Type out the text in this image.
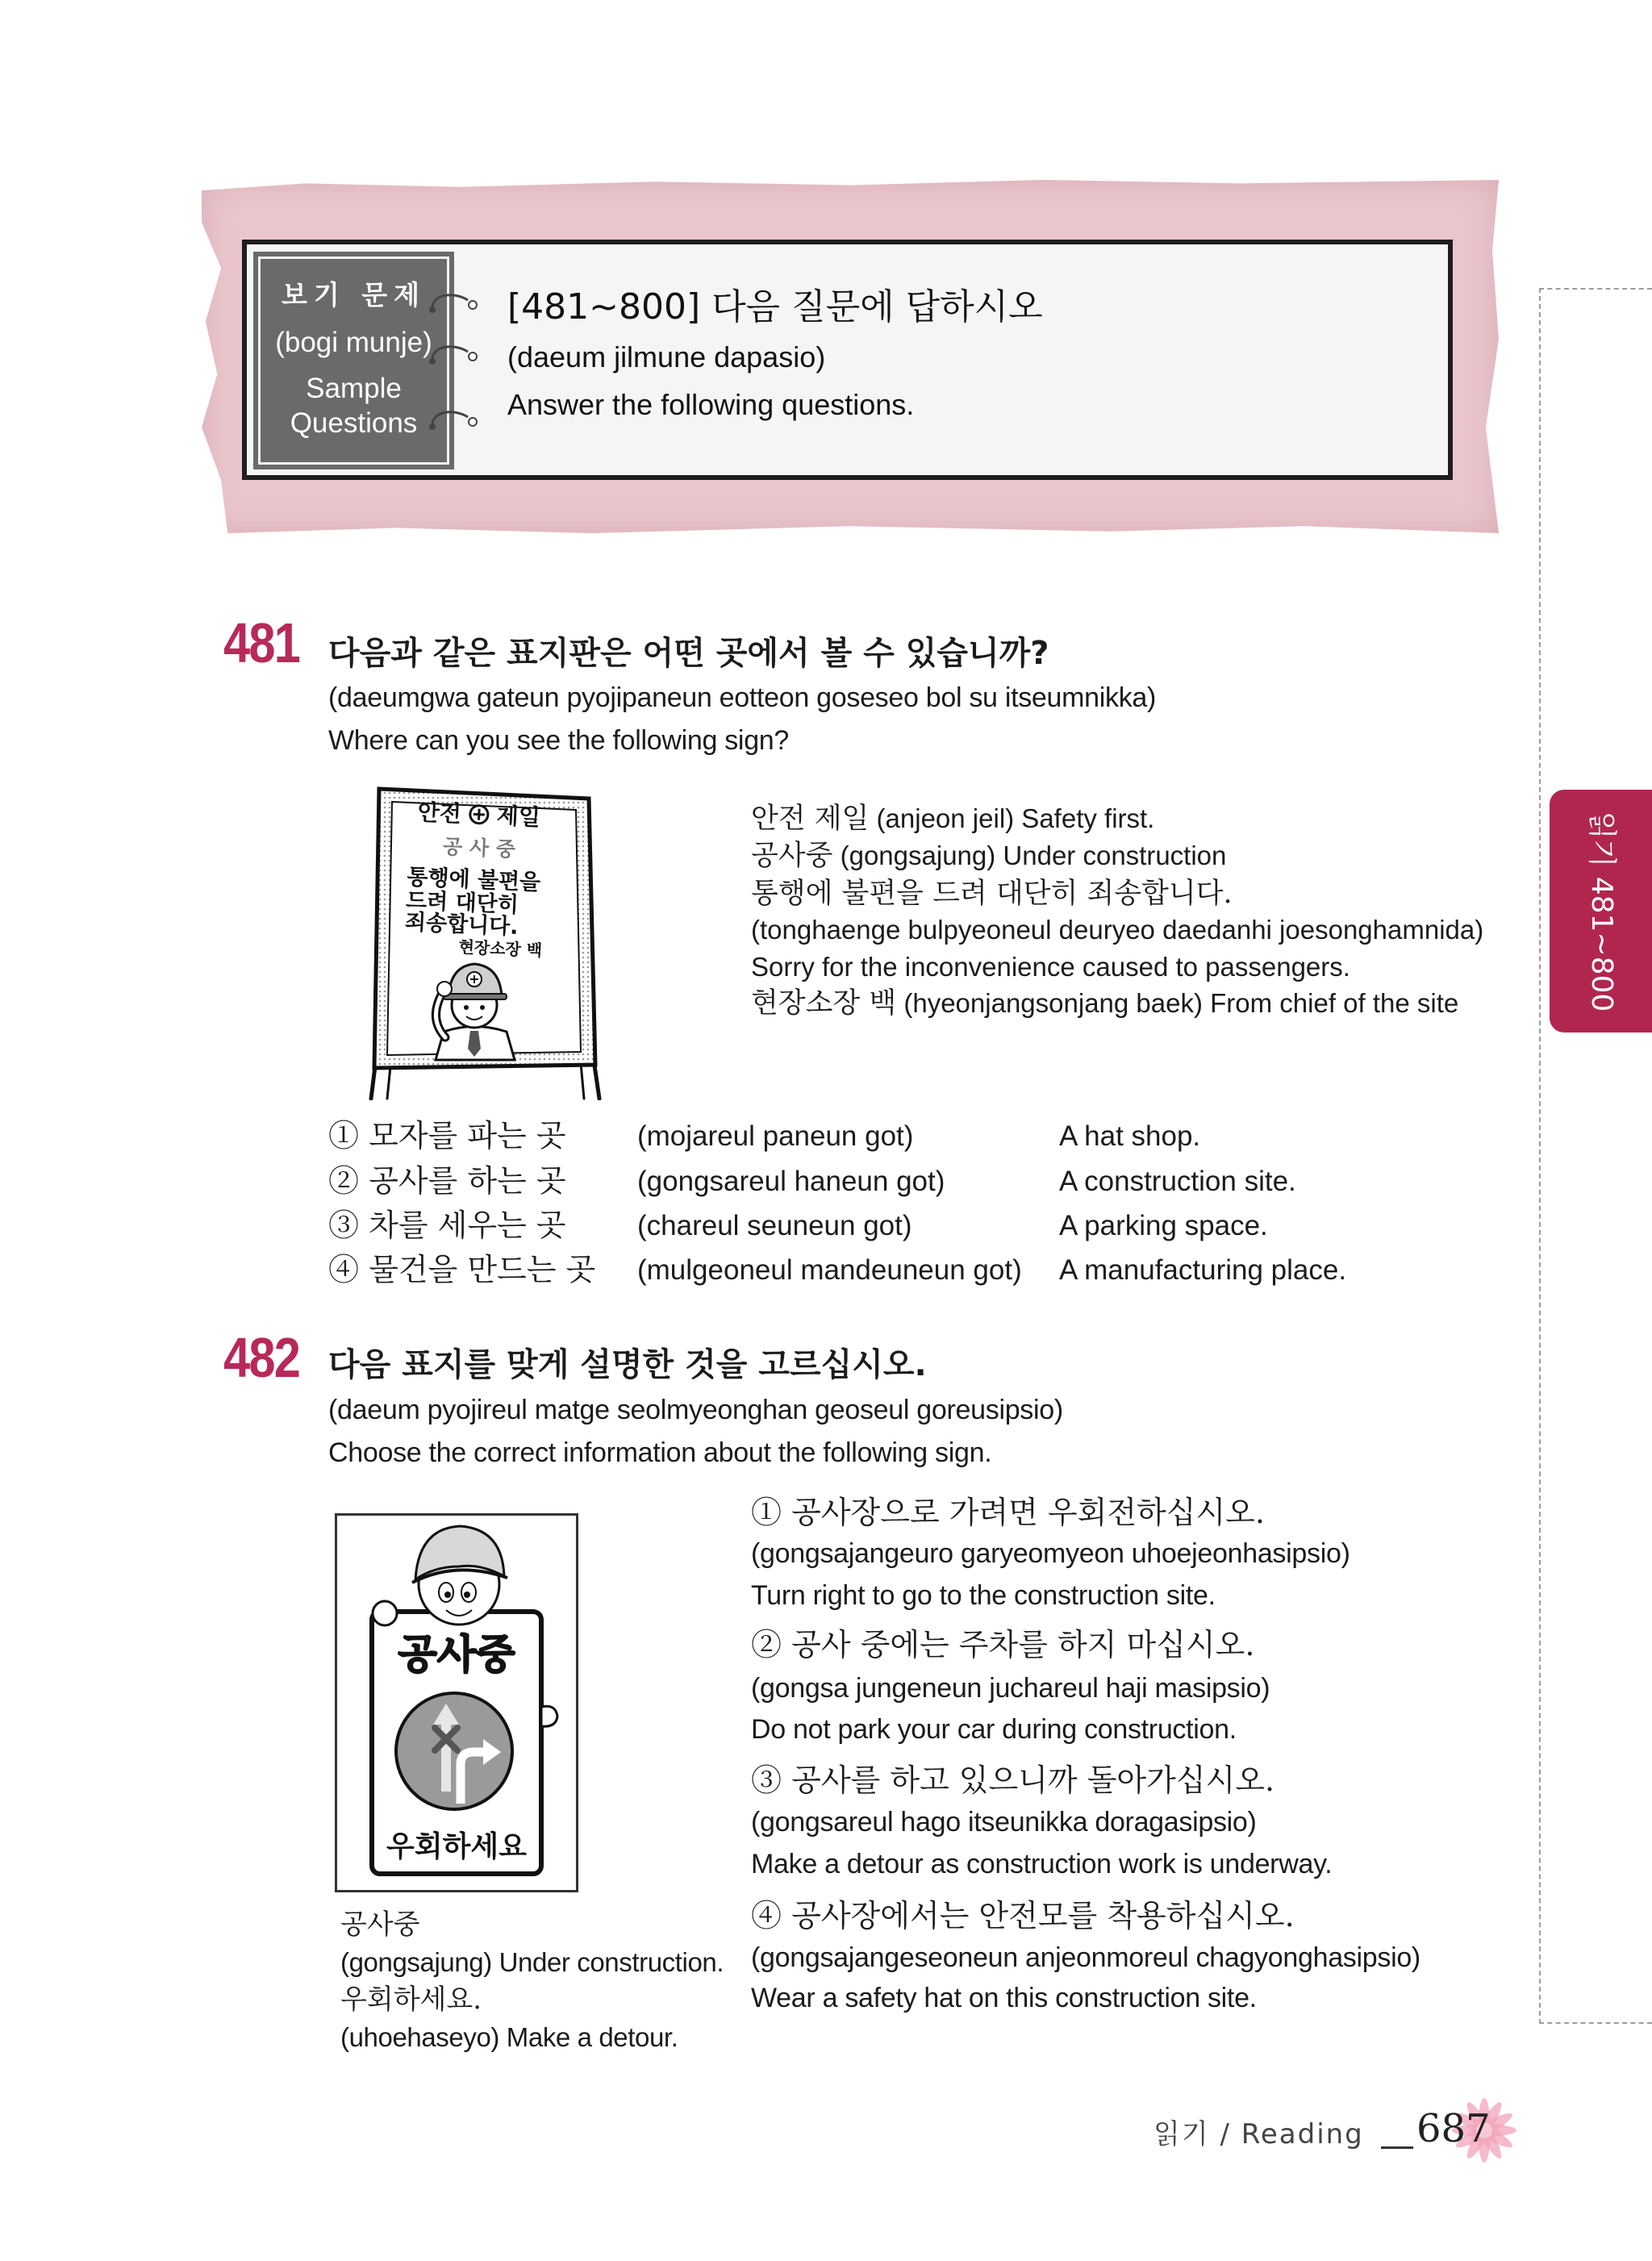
보기 문제
(bogi munje)
Sample
Questions
[481~800] 다음 질문에 답하시오
(daeum jilmune dapasio)
Answer the following questions.
읽기 481~800
481 다음과 같은 표지판은 어떤 곳에서 볼 수 있습니까?
(daeumgwa gateun pyojipaneun eotteon goseseo bol su itseumnikka)
Where can you see the following sign?
안전 제일
공 사 중
통행에 불편을
드려 대단히
죄송합니다.
현장소장 백
안전 제일 (anjeon jeil) Safety first.
공사중 (gongsajung) Under construction
통행에 불편을 드려 대단히 죄송합니다.
(tonghaenge bulpyeoneul deuryeo daedanhi joesonghamnida)
Sorry for the inconvenience caused to passengers.
현장소장 백 (hyeonjangsonjang baek) From chief of the site
① 모자를 파는 곳	(mojareul paneun got)	A hat shop.
② 공사를 하는 곳	(gongsareul haneun got)	A construction site.
③ 차를 세우는 곳	(chareul seuneun got)	A parking space.
④ 물건을 만드는 곳 (mulgeoneul mandeuneun got) A manufacturing place.
482 다음 표지를 맞게 설명한 것을 고르십시오.
(daeum pyojireul matge seolmyeonghan geoseul goreusipsio)
Choose the correct information about the following sign.
공사중
우회하세요
공사중
(gongsajung) Under construction.
우회하세요.
(uhoehaseyo) Make a detour.
① 공사장으로 가려면 우회전하십시오.
(gongsajangeuro garyeomyeon uhoejeonhasipsio)
Turn right to go to the construction site.
② 공사 중에는 주차를 하지 마십시오.
(gongsa jungeneun juchareul haji masipsio)
Do not park your car during construction.
③ 공사를 하고 있으니까 돌아가십시오.
(gongsareul hago itseunikka doragasipsio)
Make a detour as construction work is underway.
④ 공사장에서는 안전모를 착용하십시오.
(gongsajangeseoneun anjeonmoreul chagyonghasipsio)
Wear a safety hat on this construction site.
읽기 / Reading 687
